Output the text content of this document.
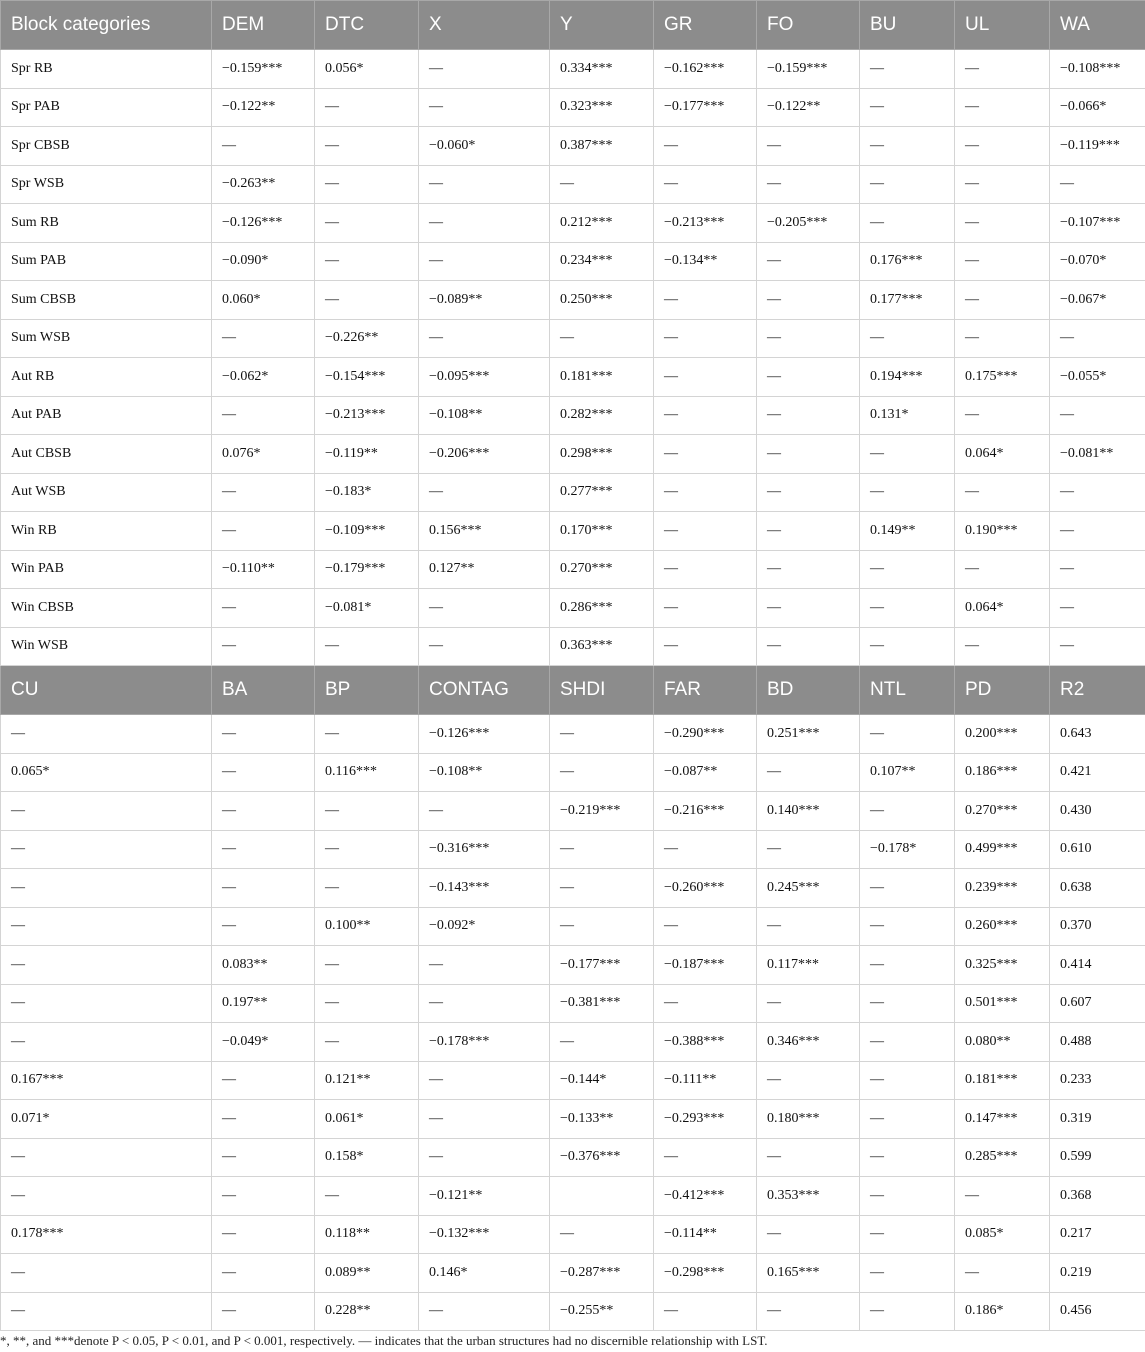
Block categories	DEM	DTC	X	Y	GR	FO	BU	UL	WA
Spr RB	−0.159***	0.056*	—	0.334***	−0.162***	−0.159***	—	—	−0.108***
Spr PAB	−0.122**	—	—	0.323***	−0.177***	−0.122**	—	—	−0.066*
Spr CBSB	—	—	−0.060*	0.387***	—	—	—	—	−0.119***
Spr WSB	−0.263**	—	—	—	—	—	—	—	—
Sum RB	−0.126***	—	—	0.212***	−0.213***	−0.205***	—	—	−0.107***
Sum PAB	−0.090*	—	—	0.234***	−0.134**	—	0.176***	—	−0.070*
Sum CBSB	0.060*	—	−0.089**	0.250***	—	—	0.177***	—	−0.067*
Sum WSB	—	−0.226**	—	—	—	—	—	—	—
Aut RB	−0.062*	−0.154***	−0.095***	0.181***	—	—	0.194***	0.175***	−0.055*
Aut PAB	—	−0.213***	−0.108**	0.282***	—	—	0.131*	—	—
Aut CBSB	0.076*	−0.119**	−0.206***	0.298***	—	—	—	0.064*	−0.081**
Aut WSB	—	−0.183*	—	0.277***	—	—	—	—	—
Win RB	—	−0.109***	0.156***	0.170***	—	—	0.149**	0.190***	—
Win PAB	−0.110**	−0.179***	0.127**	0.270***	—	—	—	—	—
Win CBSB	—	−0.081*	—	0.286***	—	—	—	0.064*	—
Win WSB	—	—	—	0.363***	—	—	—	—	—
CU	BA	BP	CONTAG	SHDI	FAR	BD	NTL	PD	R2
—	—	—	−0.126***	—	−0.290***	0.251***	—	0.200***	0.643
0.065*	—	0.116***	−0.108**	—	−0.087**	—	0.107**	0.186***	0.421
—	—	—	—	−0.219***	−0.216***	0.140***	—	0.270***	0.430
—	—	—	−0.316***	—	—	—	−0.178*	0.499***	0.610
—	—	—	−0.143***	—	−0.260***	0.245***	—	0.239***	0.638
—	—	0.100**	−0.092*	—	—	—	—	0.260***	0.370
—	0.083**	—	—	−0.177***	−0.187***	0.117***	—	0.325***	0.414
—	0.197**	—	—	−0.381***	—	—	—	0.501***	0.607
—	−0.049*	—	−0.178***	—	−0.388***	0.346***	—	0.080**	0.488
0.167***	—	0.121**	—	−0.144*	−0.111**	—	—	0.181***	0.233
0.071*	—	0.061*	—	−0.133**	−0.293***	0.180***	—	0.147***	0.319
—	—	0.158*	—	−0.376***	—	—	—	0.285***	0.599
—	—	—	−0.121**		−0.412***	0.353***	—	—	0.368
0.178***	—	0.118**	−0.132***	—	−0.114**	—	—	0.085*	0.217
—	—	0.089**	0.146*	−0.287***	−0.298***	0.165***	—	—	0.219
—	—	0.228**	—	−0.255**	—	—	—	0.186*	0.456
*, **, and ***denote P < 0.05, P < 0.01, and P < 0.001, respectively. — indicates that the urban structures had no discernible relationship with LST.
